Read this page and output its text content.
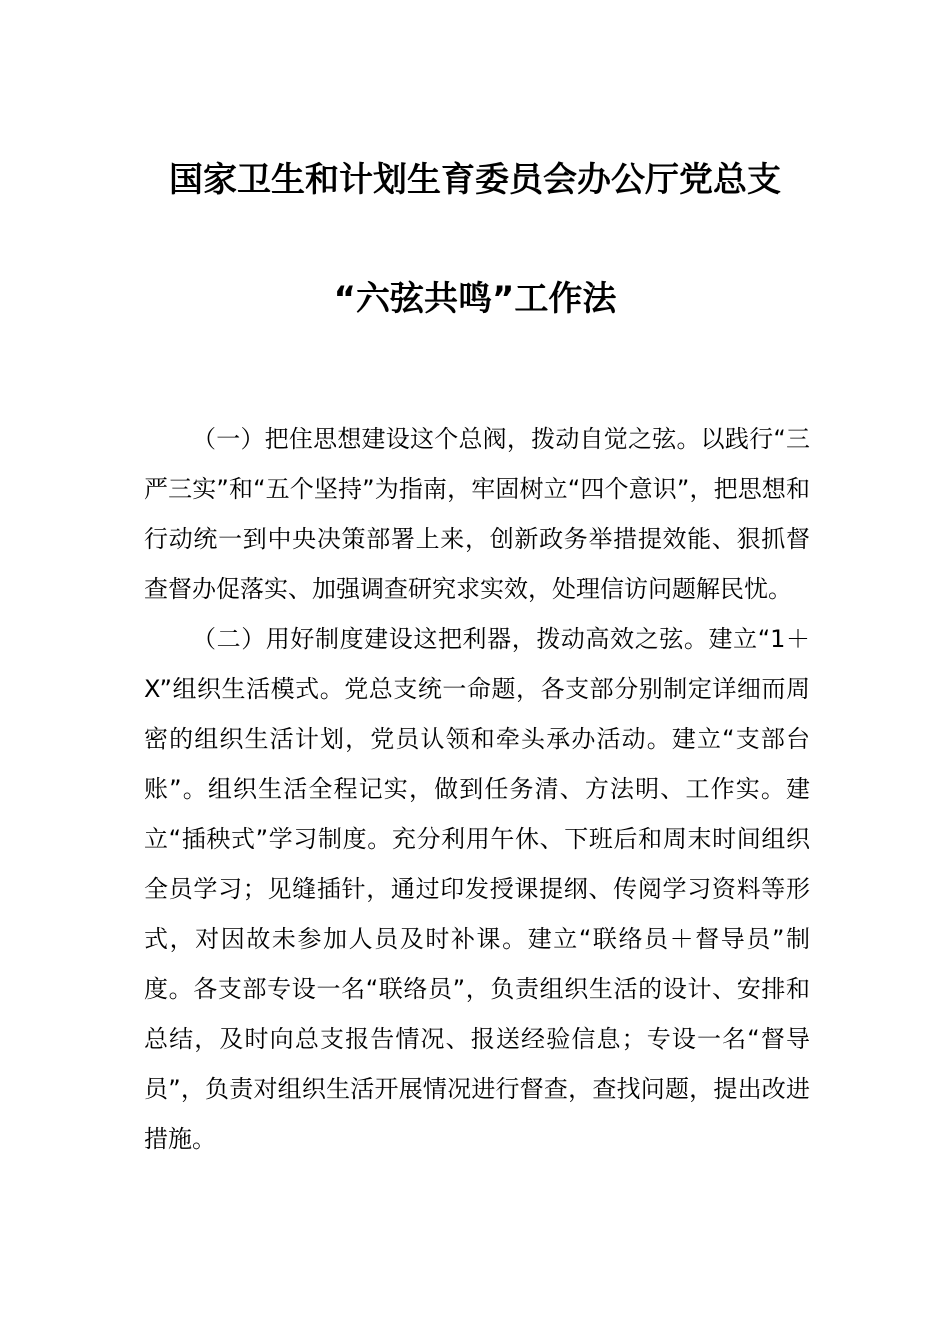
国家卫生和计划生育委员会办公厅党总支
“六弦共鸣”工作法

（一）把住思想建设这个总阀，拨动自觉之弦。以践行“三严三实”和“五个坚持”为指南，牢固树立“四个意识”，把思想和行动统一到中央决策部署上来，创新政务举措提效能、狠抓督查督办促落实、加强调查研究求实效，处理信访问题解民忧。

（二）用好制度建设这把利器，拨动高效之弦。建立“1＋X”组织生活模式。党总支统一命题，各支部分别制定详细而周密的组织生活计划，党员认领和牵头承办活动。建立“支部台账”。组织生活全程记实，做到任务清、方法明、工作实。建立“插秧式”学习制度。充分利用午休、下班后和周末时间组织全员学习；见缝插针，通过印发授课提纲、传阅学习资料等形式，对因故未参加人员及时补课。建立“联络员＋督导员”制度。各支部专设一名“联络员”，负责组织生活的设计、安排和总结，及时向总支报告情况、报送经验信息；专设一名“督导员”，负责对组织生活开展情况进行督查，查找问题，提出改进措施。
